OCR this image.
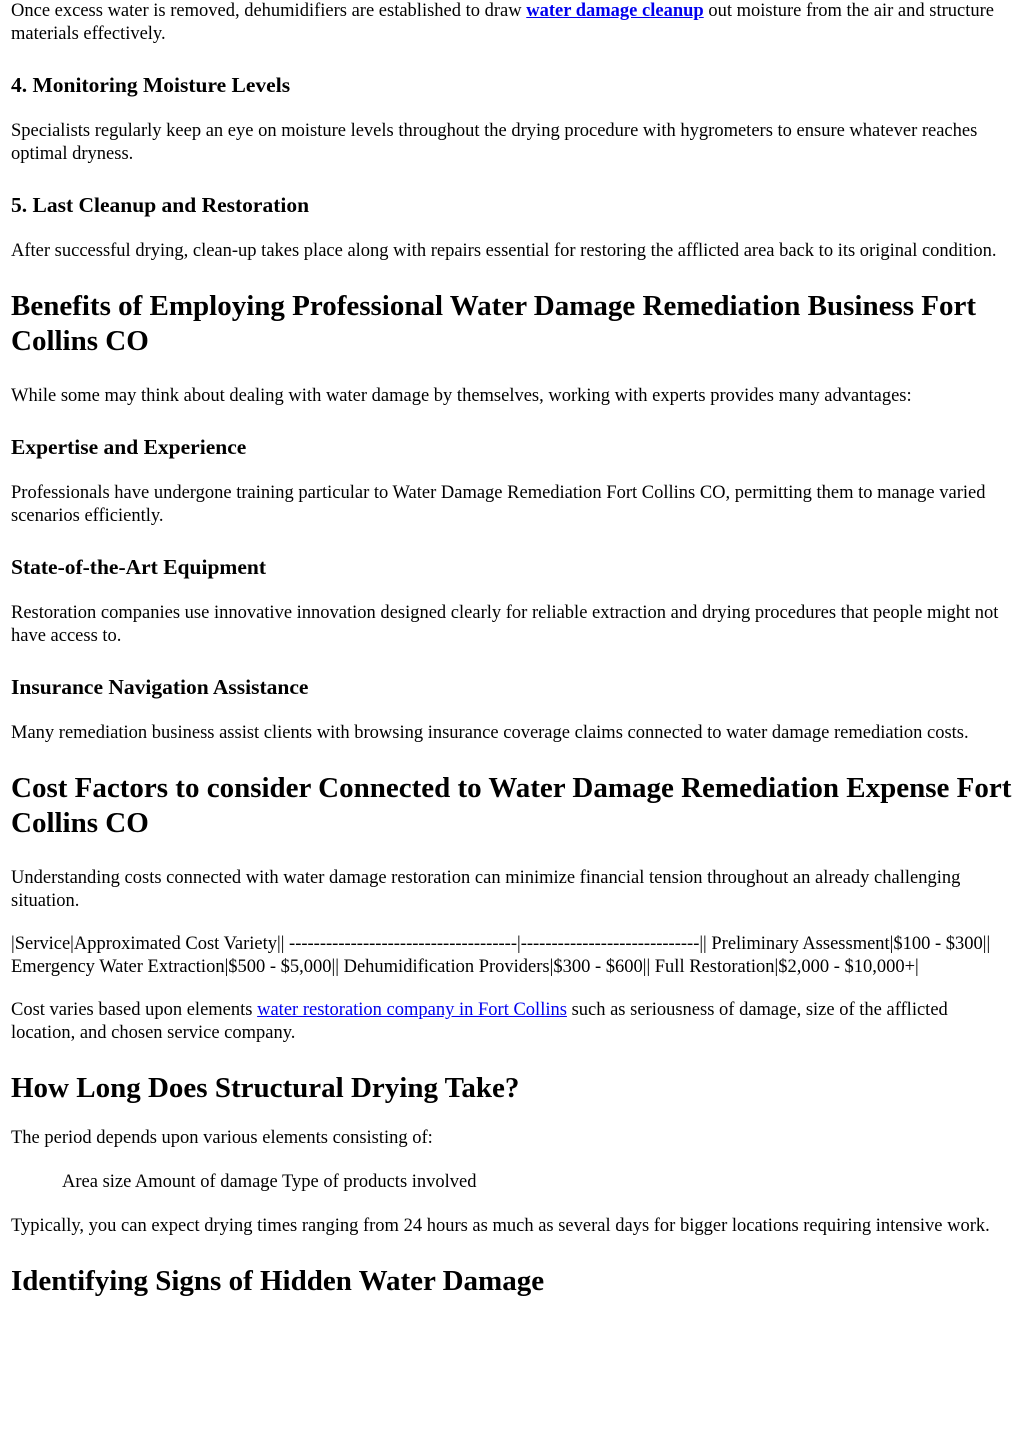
Once excess water is removed, dehumidifiers are established to draw water damage cleanup out moisture from the air and structure materials effectively.

4. Monitoring Moisture Levels

Specialists regularly keep an eye on moisture levels throughout the drying procedure with hygrometers to ensure whatever reaches optimal dryness.

5. Last Cleanup and Restoration

After successful drying, clean-up takes place along with repairs essential for restoring the afflicted area back to its original condition.

Benefits of Employing Professional Water Damage Remediation Business Fort Collins CO

While some may think about dealing with water damage by themselves, working with experts provides many advantages:

Expertise and Experience

Professionals have undergone training particular to Water Damage Remediation Fort Collins CO, permitting them to manage varied scenarios efficiently.

State-of-the-Art Equipment

Restoration companies use innovative innovation designed clearly for reliable extraction and drying procedures that people might not have access to.

Insurance Navigation Assistance

Many remediation business assist clients with browsing insurance coverage claims connected to water damage remediation costs.

Cost Factors to consider Connected to Water Damage Remediation Expense Fort Collins CO

Understanding costs connected with water damage restoration can minimize financial tension throughout an already challenging situation.

|Service|Approximated Cost Variety|| -------------------------------------|-----------------------------|| Preliminary Assessment|$100 - $300|| Emergency Water Extraction|$500 - $5,000|| Dehumidification Providers|$300 - $600|| Full Restoration|$2,000 - $10,000+|

Cost varies based upon elements water restoration company in Fort Collins such as seriousness of damage, size of the afflicted location, and chosen service company.

How Long Does Structural Drying Take?

The period depends upon various elements consisting of:

Area size Amount of damage Type of products involved

Typically, you can expect drying times ranging from 24 hours as much as several days for bigger locations requiring intensive work.

Identifying Signs of Hidden Water Damage
